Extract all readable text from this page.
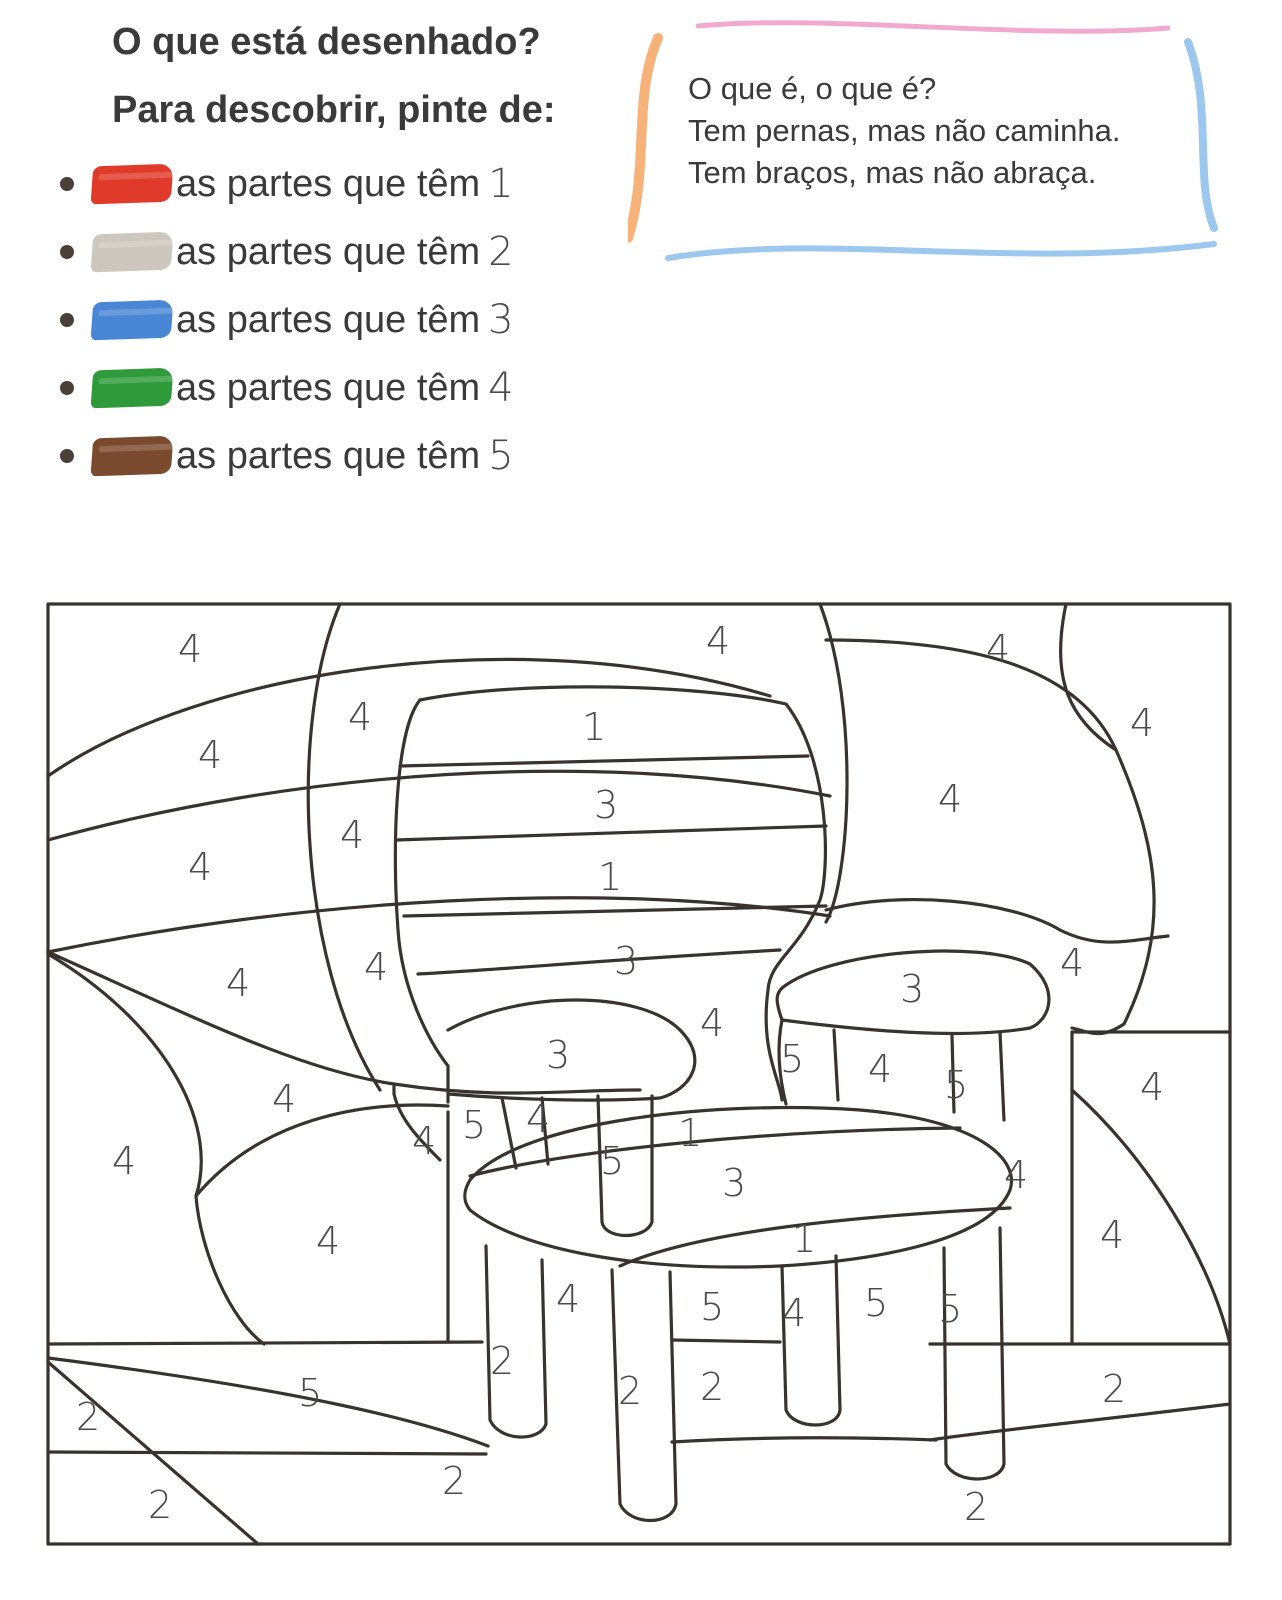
O que está desenhado?
Para descobrir, pinte de:
as partes que têm 1
as partes que têm 2
as partes que têm 3
as partes que têm 4
as partes que têm 5
O que é, o que é?
Tem pernas, mas não caminha.
Tem braços, mas não abraça.
4	4	4
4
4
4
1
4
3
4
4
4
1
4
3
4
4
3
4
3	5 4 5
4
4
5 4	1
5	3
4
4
4	1	4
4	5 4 5 5
2
5	2 2	2
2
2
2	2
